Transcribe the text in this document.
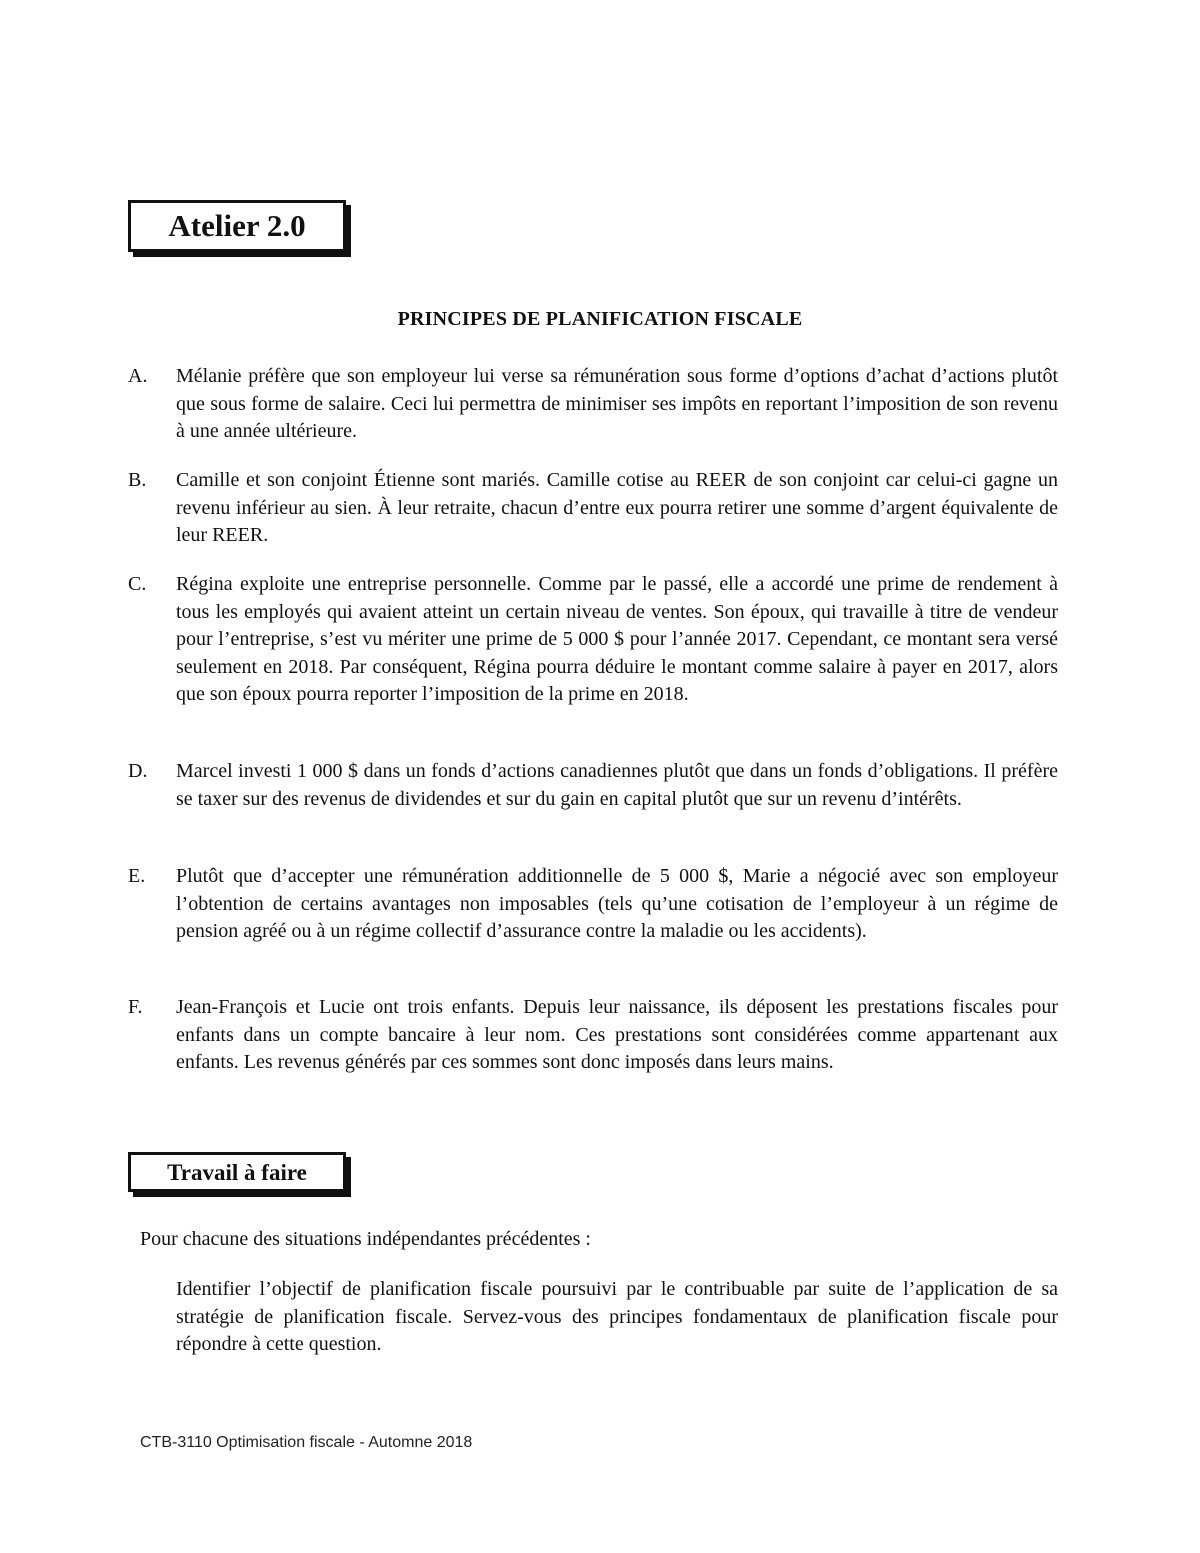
Atelier 2.0
PRINCIPES DE PLANIFICATION FISCALE
A.	Mélanie préfère que son employeur lui verse sa rémunération sous forme d’options d’achat d’actions plutôt que sous forme de salaire. Ceci lui permettra de minimiser ses impôts en reportant l’imposition de son revenu à une année ultérieure.
B.	Camille et son conjoint Étienne sont mariés. Camille cotise au REER de son conjoint car celui-ci gagne un revenu inférieur au sien. À leur retraite, chacun d’entre eux pourra retirer une somme d’argent équivalente de leur REER.
C.	Régina exploite une entreprise personnelle. Comme par le passé, elle a accordé une prime de rendement à tous les employés qui avaient atteint un certain niveau de ventes. Son époux, qui travaille à titre de vendeur pour l’entreprise, s’est vu mériter une prime de 5 000 $ pour l’année 2017. Cependant, ce montant sera versé seulement en 2018. Par conséquent, Régina pourra déduire le montant comme salaire à payer en 2017, alors que son époux pourra reporter l’imposition de la prime en 2018.
D.	Marcel investi 1 000 $ dans un fonds d’actions canadiennes plutôt que dans un fonds d’obligations. Il préfère se taxer sur des revenus de dividendes et sur du gain en capital plutôt que sur un revenu d’intérêts.
E.	Plutôt que d’accepter une rémunération additionnelle de 5 000 $, Marie a négocié avec son employeur l’obtention de certains avantages non imposables (tels qu’une cotisation de l’employeur à un régime de pension agréé ou à un régime collectif d’assurance contre la maladie ou les accidents).
F.	Jean-François et Lucie ont trois enfants. Depuis leur naissance, ils déposent les prestations fiscales pour enfants dans un compte bancaire à leur nom. Ces prestations sont considérées comme appartenant aux enfants. Les revenus générés par ces sommes sont donc imposés dans leurs mains.
Travail à faire
Pour chacune des situations indépendantes précédentes :
Identifier l’objectif de planification fiscale poursuivi par le contribuable par suite de l’application de sa stratégie de planification fiscale. Servez-vous des principes fondamentaux de planification fiscale pour répondre à cette question.
CTB-3110 Optimisation fiscale - Automne 2018
